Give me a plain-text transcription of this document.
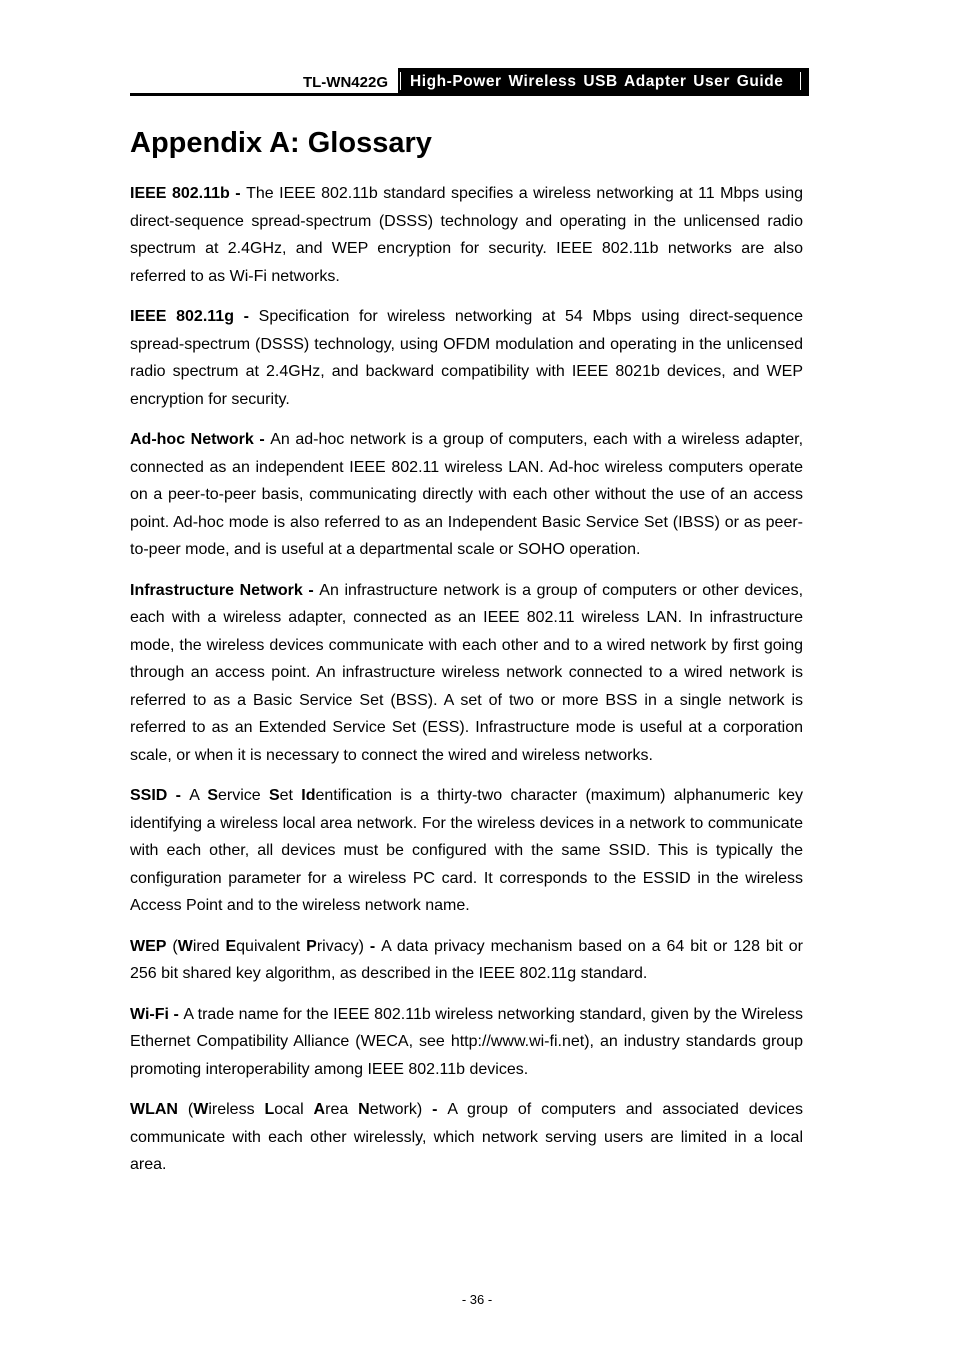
TL-WN422G	High-Power Wireless USB Adapter User Guide
Appendix A: Glossary

IEEE 802.11b - The IEEE 802.11b standard specifies a wireless networking at 11 Mbps using direct-sequence spread-spectrum (DSSS) technology and operating in the unlicensed radio spectrum at 2.4GHz, and WEP encryption for security. IEEE 802.11b networks are also referred to as Wi-Fi networks.

IEEE 802.11g - Specification for wireless networking at 54 Mbps using direct-sequence spread-spectrum (DSSS) technology, using OFDM modulation and operating in the unlicensed radio spectrum at 2.4GHz, and backward compatibility with IEEE 8021b devices, and WEP encryption for security.

Ad-hoc Network - An ad-hoc network is a group of computers, each with a wireless adapter, connected as an independent IEEE 802.11 wireless LAN. Ad-hoc wireless computers operate on a peer-to-peer basis, communicating directly with each other without the use of an access point. Ad-hoc mode is also referred to as an Independent Basic Service Set (IBSS) or as peer-to-peer mode, and is useful at a departmental scale or SOHO operation.

Infrastructure Network - An infrastructure network is a group of computers or other devices, each with a wireless adapter, connected as an IEEE 802.11 wireless LAN. In infrastructure mode, the wireless devices communicate with each other and to a wired network by first going through an access point. An infrastructure wireless network connected to a wired network is referred to as a Basic Service Set (BSS). A set of two or more BSS in a single network is referred to as an Extended Service Set (ESS). Infrastructure mode is useful at a corporation scale, or when it is necessary to connect the wired and wireless networks.

SSID - A Service Set Identification is a thirty-two character (maximum) alphanumeric key identifying a wireless local area network. For the wireless devices in a network to communicate with each other, all devices must be configured with the same SSID. This is typically the configuration parameter for a wireless PC card. It corresponds to the ESSID in the wireless Access Point and to the wireless network name.

WEP (Wired Equivalent Privacy) - A data privacy mechanism based on a 64 bit or 128 bit or 256 bit shared key algorithm, as described in the IEEE 802.11g standard.

Wi-Fi - A trade name for the IEEE 802.11b wireless networking standard, given by the Wireless Ethernet Compatibility Alliance (WECA, see http://www.wi-fi.net), an industry standards group promoting interoperability among IEEE 802.11b devices.

WLAN (Wireless Local Area Network) - A group of computers and associated devices communicate with each other wirelessly, which network serving users are limited in a local area.

- 36 -
